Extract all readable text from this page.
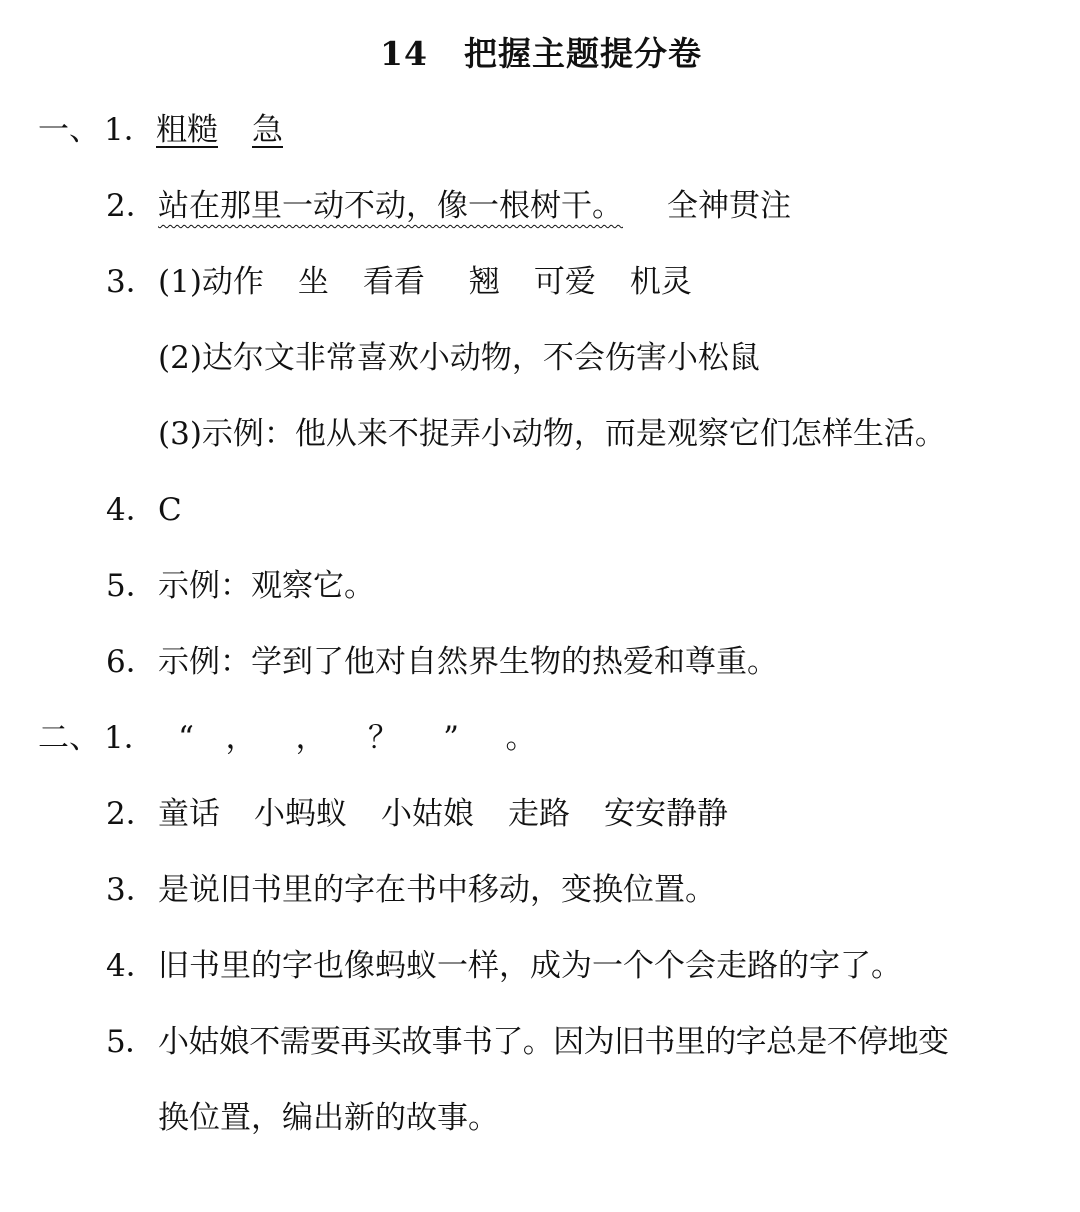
14 把握主题提分卷
一、 1．粗糙 急
2．站在那里一动不动，像一根树干。 全神贯注
3．(1)动作 坐 看看 翘 可爱 机灵
(2)达尔文非常喜欢小动物，不会伤害小松鼠
(3)示例：他从来不捉弄小动物，而是观察它们怎样生活。
4．C
5．示例：观察它。
6．示例：学到了他对自然界生物的热爱和尊重。
二、 1． “ ， ， ？ ” 。
2．童话 小蚂蚁 小姑娘 走路 安安静静
3．是说旧书里的字在书中移动，变换位置。
4．旧书里的字也像蚂蚁一样，成为一个个会走路的字了。
5．小姑娘不需要再买故事书了。因为旧书里的字总是不停地变
换位置，编出新的故事。
